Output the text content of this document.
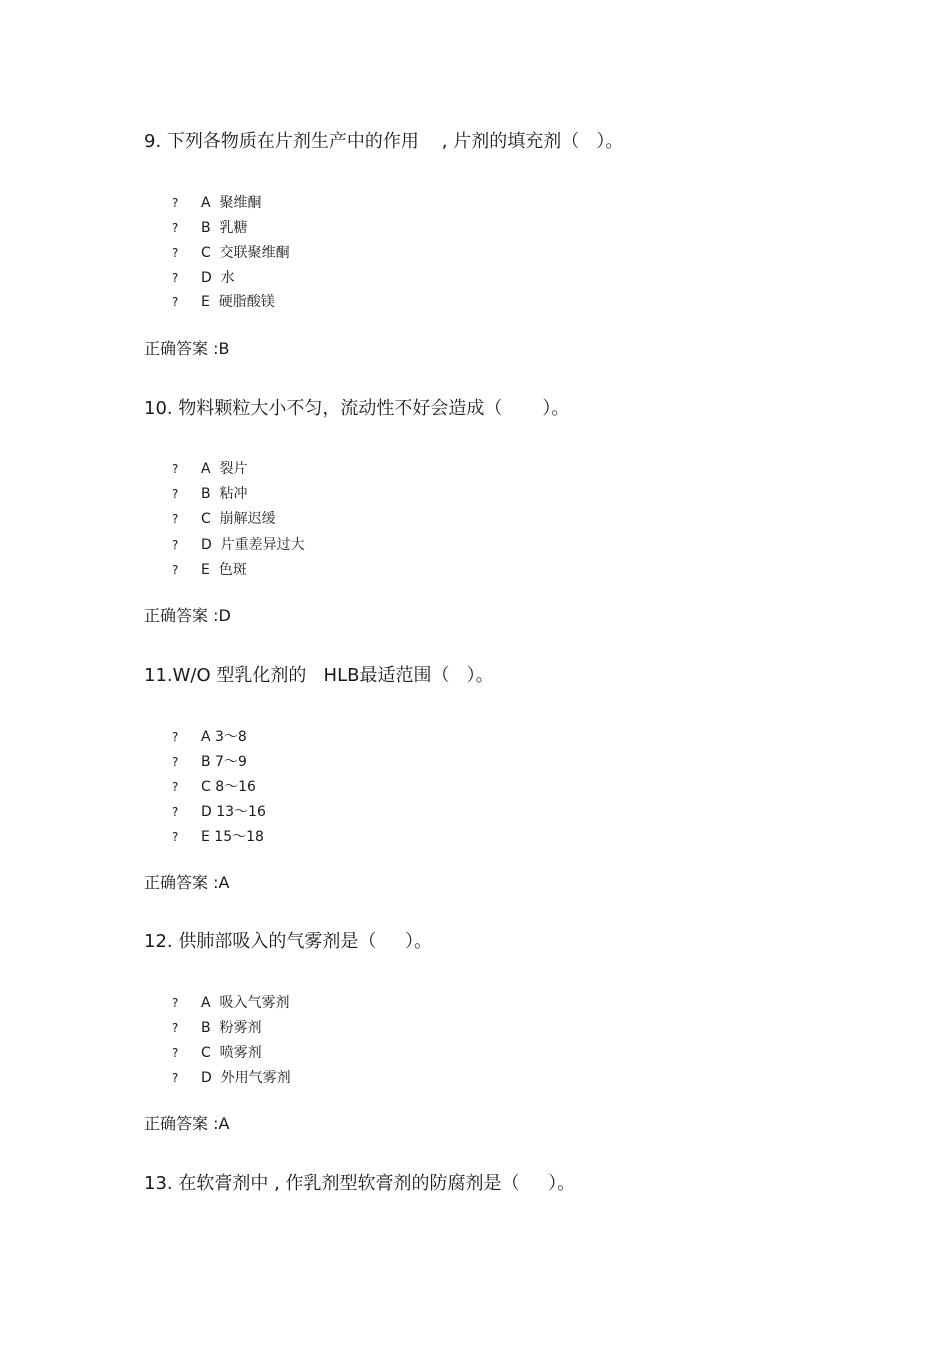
9. 下列各物质在片剂生产中的作用    , 片剂的填充剂（   ）。
? A  聚维酮
? B  乳糖
? C  交联聚维酮
? D  水
? E  硬脂酸镁
正确答案 :B
10. 物料颗粒大小不匀，流动性不好会造成（       ）。
? A  裂片
? B  粘冲
? C  崩解迟缓
? D  片重差异过大
? E  色斑
正确答案 :D
11.W/O 型乳化剂的   HLB最适范围（   ）。
? A 3～8
? B 7～9
? C 8～16
? D 13～16
? E 15～18
正确答案 :A
12. 供肺部吸入的气雾剂是（     ）。
? A  吸入气雾剂
? B  粉雾剂
? C  喷雾剂
? D  外用气雾剂
正确答案 :A
13. 在软膏剂中 , 作乳剂型软膏剂的防腐剂是（     ）。
